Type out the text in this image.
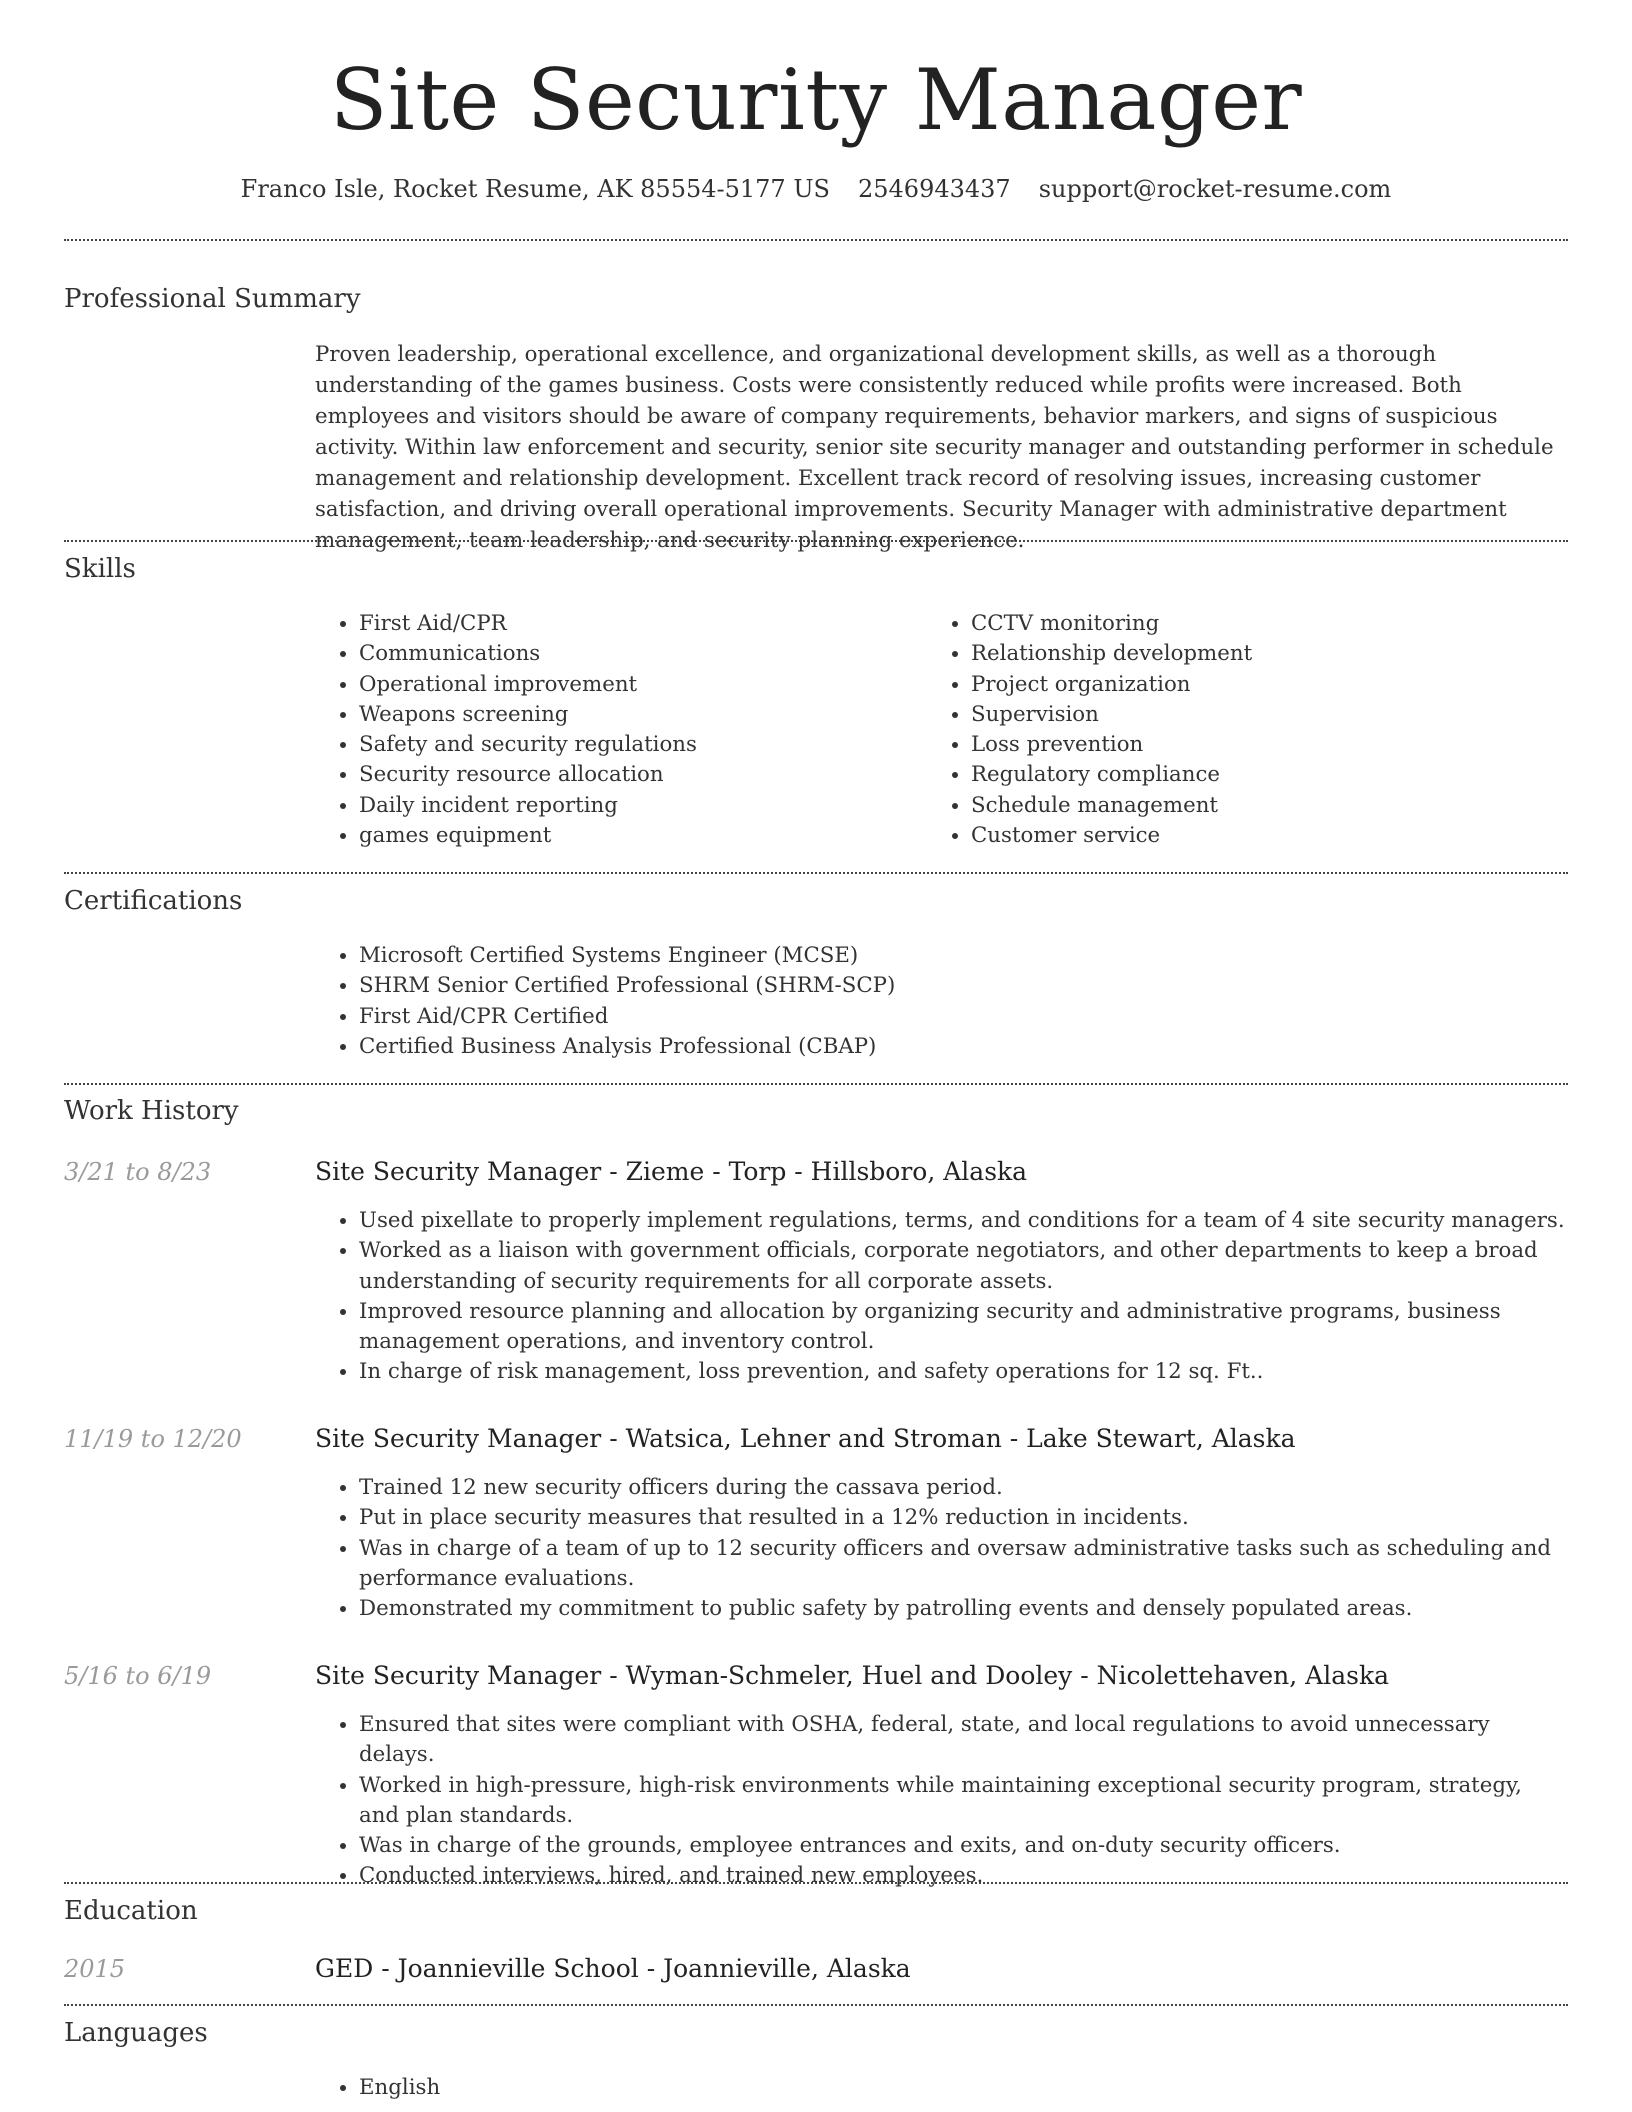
Site Security Manager
Franco Isle, Rocket Resume, AK 85554-5177 US 2546943437 support@rocket-resume.com
Professional Summary

Proven leadership, operational excellence, and organizational development skills, as well as a thorough understanding of the games business. Costs were consistently reduced while profits were increased. Both employees and visitors should be aware of company requirements, behavior markers, and signs of suspicious activity. Within law enforcement and security, senior site security manager and outstanding performer in schedule management and relationship development. Excellent track record of resolving issues, increasing customer satisfaction, and driving overall operational improvements. Security Manager with administrative department management, team leadership, and security planning experience.

Skills
• First Aid/CPR
• Communications
• Operational improvement
• Weapons screening
• Safety and security regulations
• Security resource allocation
• Daily incident reporting
• games equipment
• CCTV monitoring
• Relationship development
• Project organization
• Supervision
• Loss prevention
• Regulatory compliance
• Schedule management
• Customer service
Certifications
• Microsoft Certified Systems Engineer (MCSE)
• SHRM Senior Certified Professional (SHRM-SCP)
• First Aid/CPR Certified
• Certified Business Analysis Professional (CBAP)
Work History
3/21 to 8/23	Site Security Manager - Zieme - Torp - Hillsboro, Alaska
• Used pixellate to properly implement regulations, terms, and conditions for a team of 4 site security managers.
• Worked as a liaison with government officials, corporate negotiators, and other departments to keep a broad understanding of security requirements for all corporate assets.
• Improved resource planning and allocation by organizing security and administrative programs, business management operations, and inventory control.
• In charge of risk management, loss prevention, and safety operations for 12 sq. Ft..
11/19 to 12/20	Site Security Manager - Watsica, Lehner and Stroman - Lake Stewart, Alaska
• Trained 12 new security officers during the cassava period.
• Put in place security measures that resulted in a 12% reduction in incidents.
• Was in charge of a team of up to 12 security officers and oversaw administrative tasks such as scheduling and performance evaluations.
• Demonstrated my commitment to public safety by patrolling events and densely populated areas.
5/16 to 6/19	Site Security Manager - Wyman-Schmeler, Huel and Dooley - Nicolettehaven, Alaska
• Ensured that sites were compliant with OSHA, federal, state, and local regulations to avoid unnecessary delays.
• Worked in high-pressure, high-risk environments while maintaining exceptional security program, strategy, and plan standards.
• Was in charge of the grounds, employee entrances and exits, and on-duty security officers.
• Conducted interviews, hired, and trained new employees.
Education
2015	GED - Joannieville School - Joannieville, Alaska
Languages
• English
